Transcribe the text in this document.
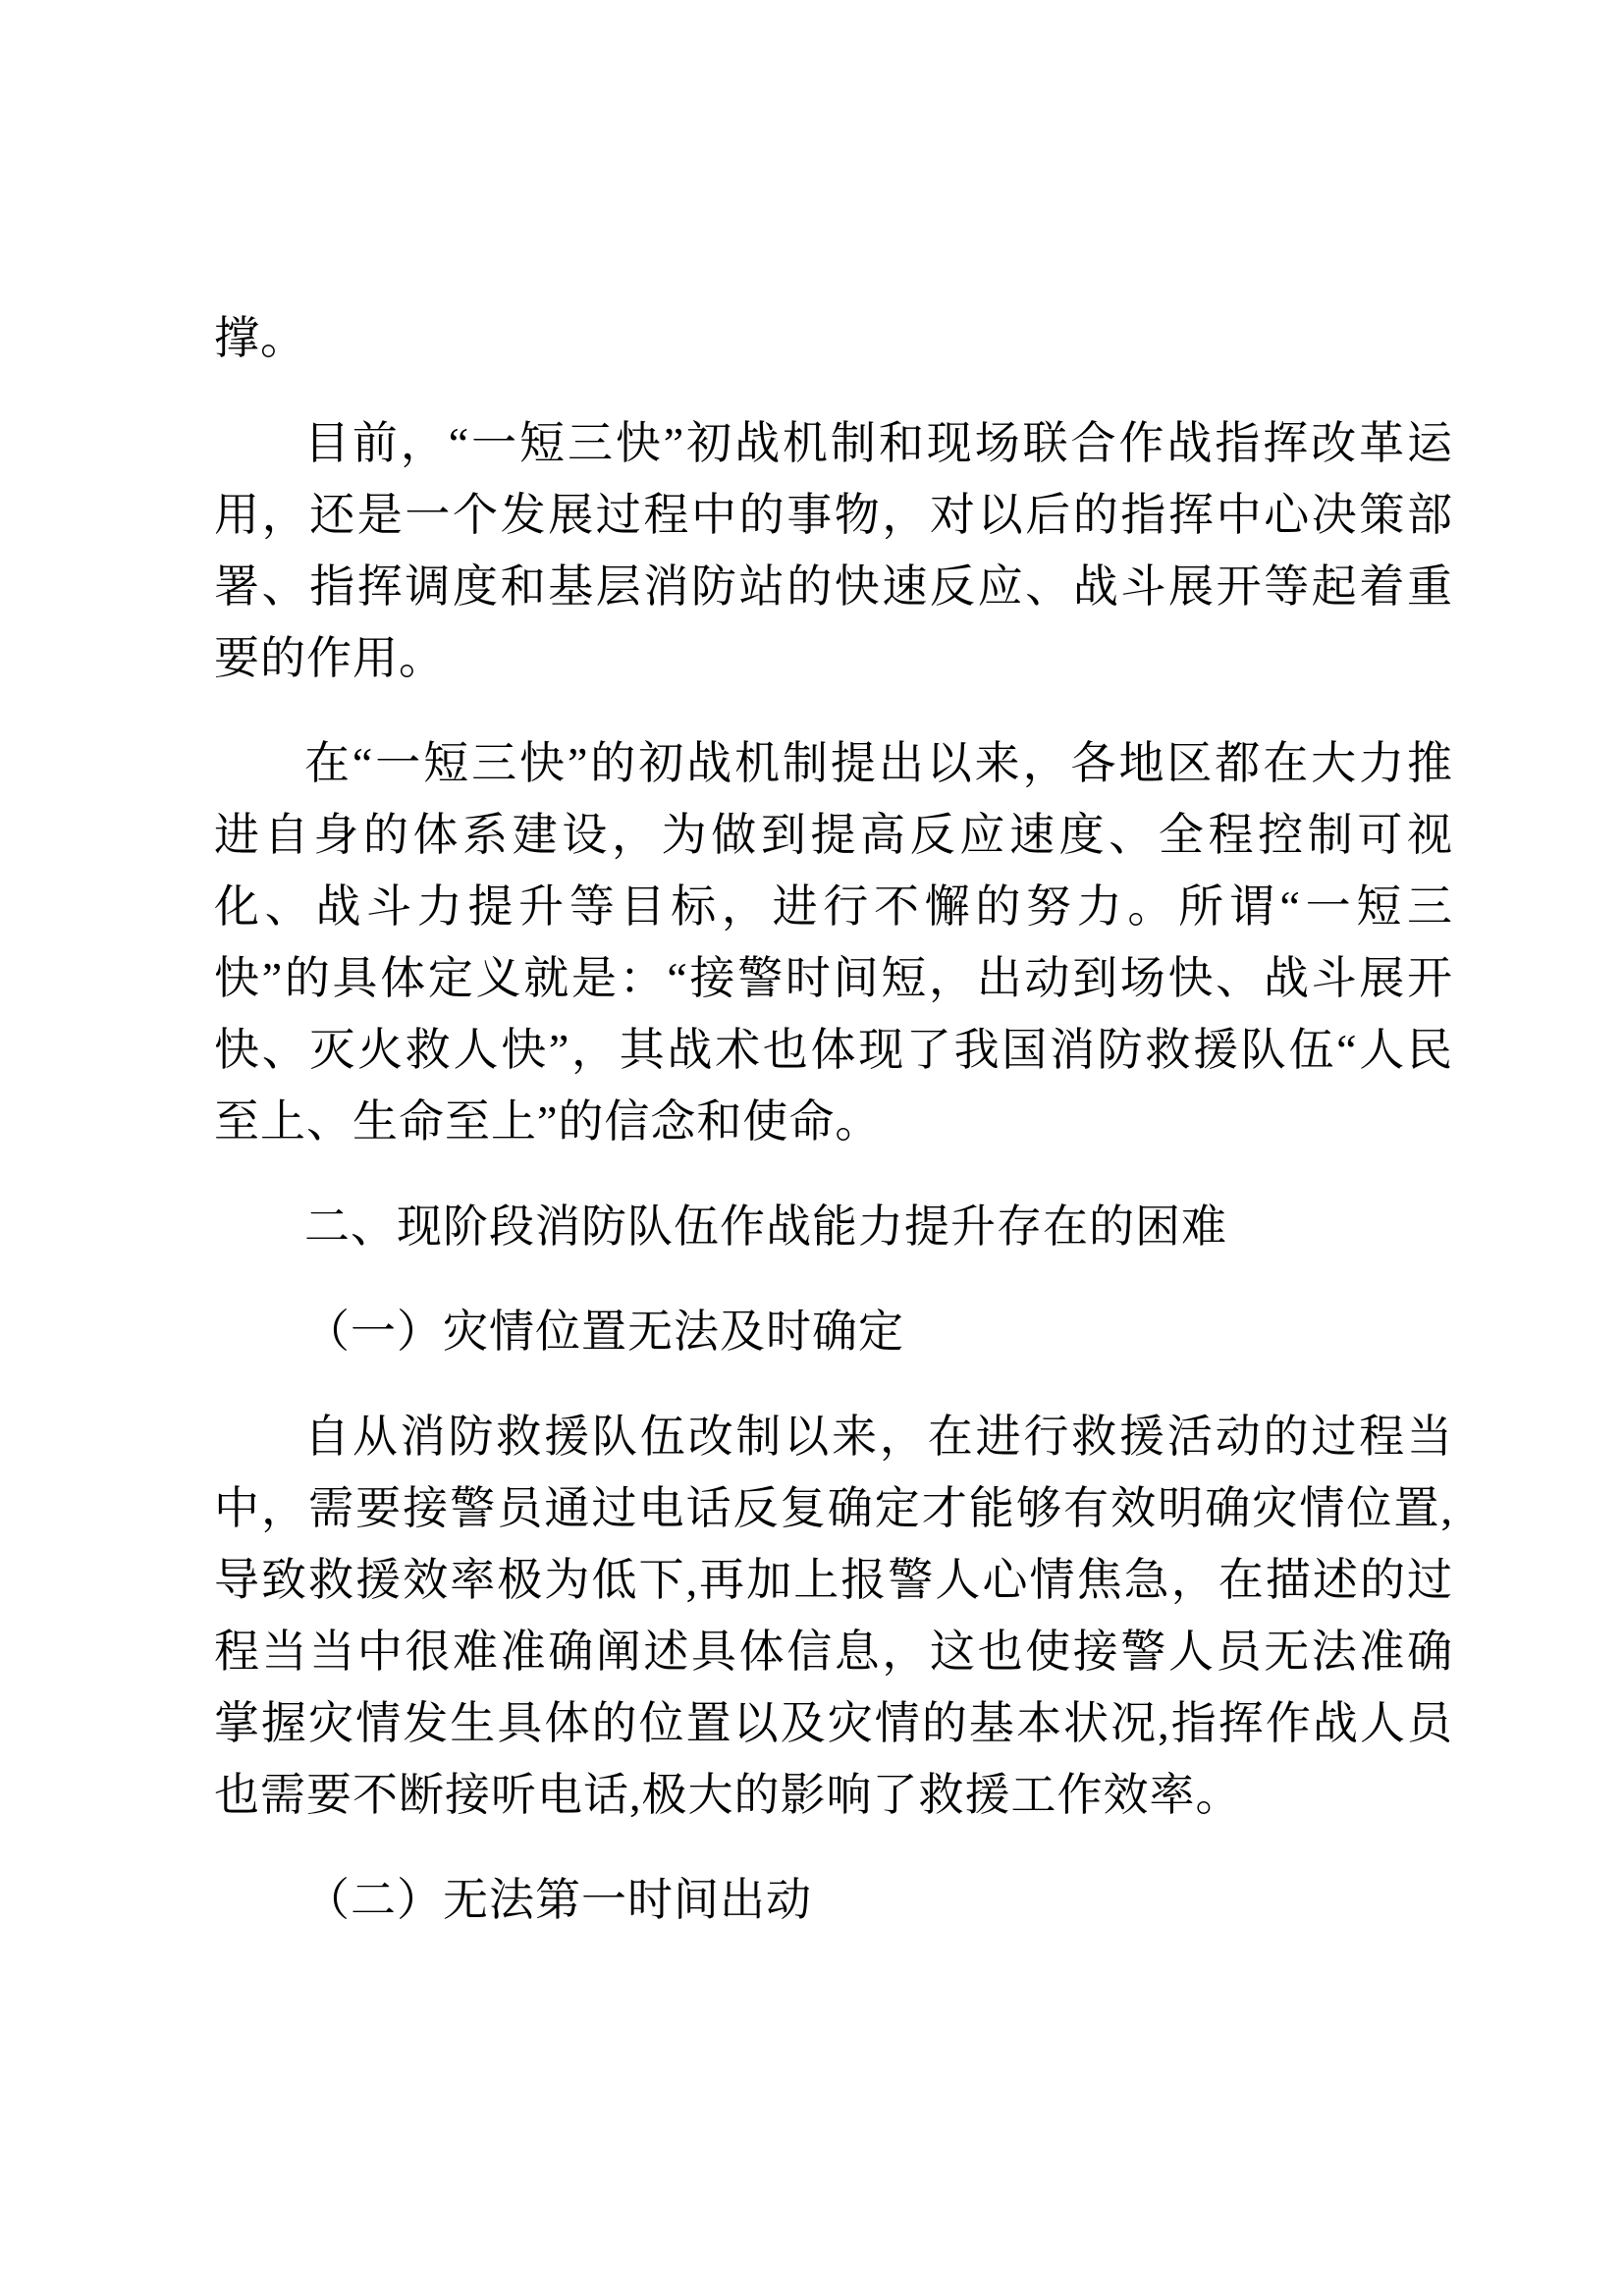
撑。

目前，“一短三快”初战机制和现场联合作战指挥改革运用，还是一个发展过程中的事物，对以后的指挥中心决策部署、指挥调度和基层消防站的快速反应、战斗展开等起着重要的作用。

在“一短三快”的初战机制提出以来，各地区都在大力推进自身的体系建设，为做到提高反应速度、全程控制可视化、战斗力提升等目标，进行不懈的努力。所谓“一短三快”的具体定义就是：“接警时间短，出动到场快、战斗展开快、灭火救人快”，其战术也体现了我国消防救援队伍“人民至上、生命至上”的信念和使命。

二、现阶段消防队伍作战能力提升存在的困难

（一）灾情位置无法及时确定

自从消防救援队伍改制以来，在进行救援活动的过程当中，需要接警员通过电话反复确定才能够有效明确灾情位置,导致救援效率极为低下,再加上报警人心情焦急，在描述的过程当当中很难准确阐述具体信息，这也使接警人员无法准确掌握灾情发生具体的位置以及灾情的基本状况,指挥作战人员也需要不断接听电话,极大的影响了救援工作效率。

（二）无法第一时间出动
